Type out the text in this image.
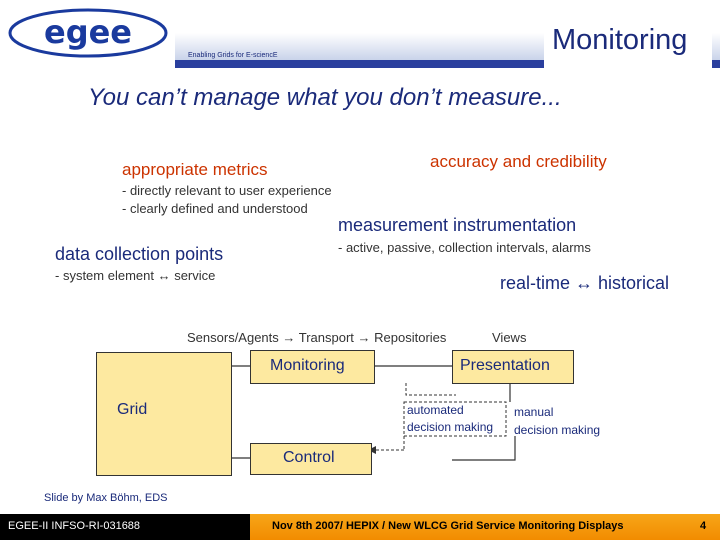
egee
Enabling Grids for E-sciencE	Monitoring
You can’t manage what you don’t measure...
appropriate metrics	accuracy and credibility
- directly relevant to user experience
- clearly defined and understood
measurement instrumentation
- active, passive, collection intervals, alarms
data collection points
- system element ↔ service	real-time ↔ historical
Sensors/Agents → Transport → Repositories	Views
Grid
Monitoring	Presentation
automated
decision making
manual
decision making
Control
Slide by Max Böhm, EDS
EGEE-II INFSO-RI-031688	Nov 8th 2007/ HEPIX / New WLCG Grid Service Monitoring Displays	4
